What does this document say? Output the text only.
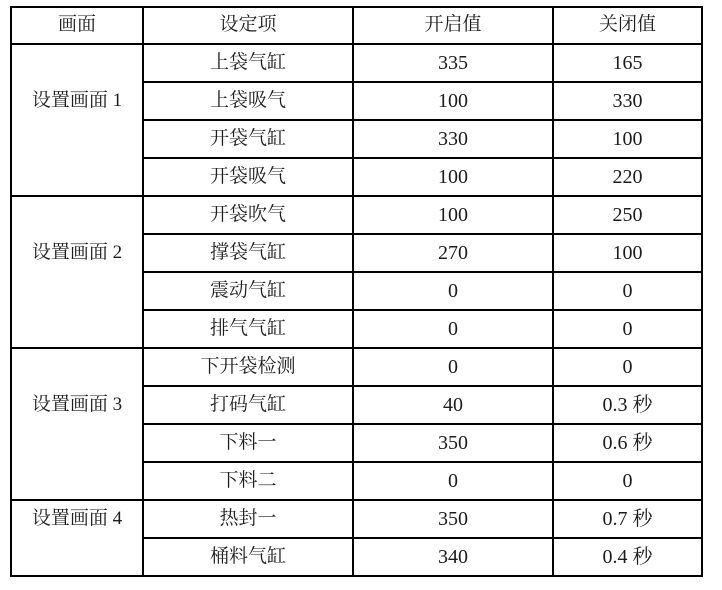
画面	设定项	开启值	关闭值
设置画面 1	上袋气缸	335	165
	上袋吸气	100	330
	开袋气缸	330	100
	开袋吸气	100	220
设置画面 2	开袋吹气	100	250
	撑袋气缸	270	100
	震动气缸	0	0
	排气气缸	0	0
设置画面 3	下开袋检测	0	0
	打码气缸	40	0.3 秒
	下料一	350	0.6 秒
	下料二	0	0
设置画面 4	热封一	350	0.7 秒
	桶料气缸	340	0.4 秒
